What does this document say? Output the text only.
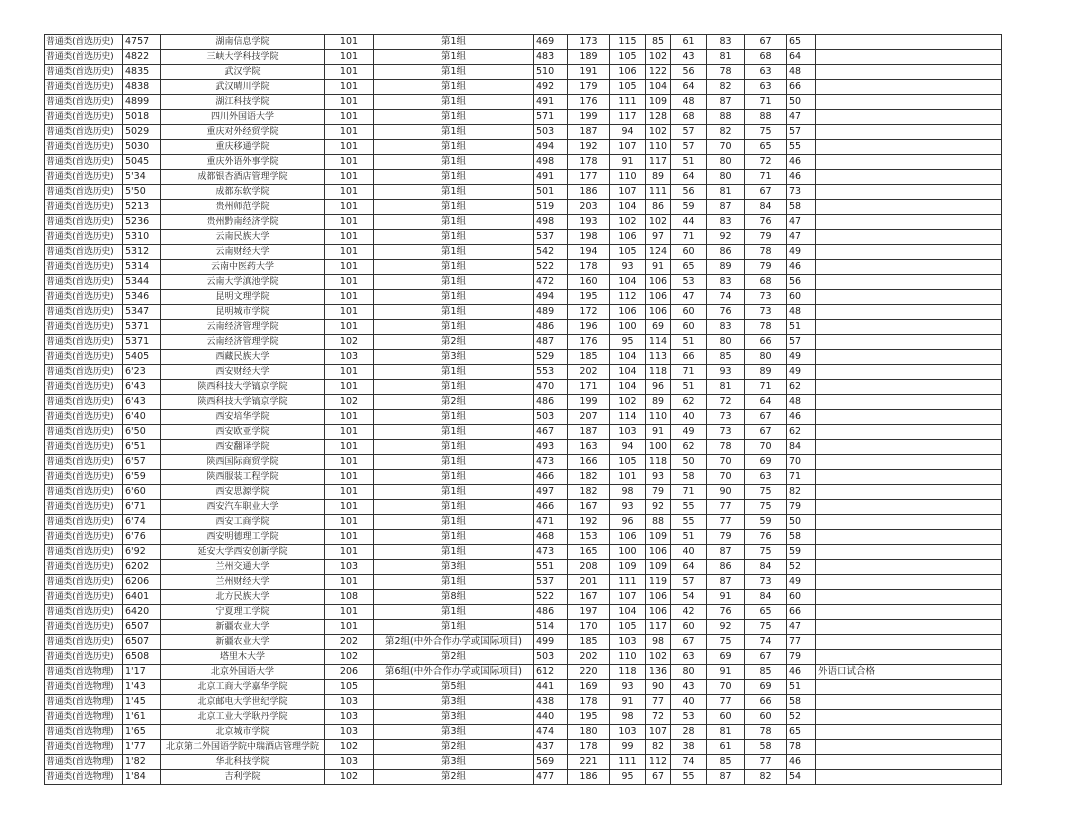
普通类(首选历史)	4757	湖南信息学院	101	第1组	469	173	115	85	61	83	67	65	
普通类(首选历史)	4822	三峡大学科技学院	101	第1组	483	189	105	102	43	81	68	64	
普通类(首选历史)	4835	武汉学院	101	第1组	510	191	106	122	56	78	63	48	
普通类(首选历史)	4838	武汉晴川学院	101	第1组	492	179	105	104	64	82	63	66	
普通类(首选历史)	4899	湖江科技学院	101	第1组	491	176	111	109	48	87	71	50	
普通类(首选历史)	5018	四川外国语大学	101	第1组	571	199	117	128	68	88	88	47	
普通类(首选历史)	5029	重庆对外经贸学院	101	第1组	503	187	94	102	57	82	75	57	
普通类(首选历史)	5030	重庆移通学院	101	第1组	494	192	107	110	57	70	65	55	
普通类(首选历史)	5045	重庆外语外事学院	101	第1组	498	178	91	117	51	80	72	46	
普通类(首选历史)	5'34	成都银杏酒店管理学院	101	第1组	491	177	110	89	64	80	71	46	
普通类(首选历史)	5'50	成都东软学院	101	第1组	501	186	107	111	56	81	67	73	
普通类(首选历史)	5213	贵州师范学院	101	第1组	519	203	104	86	59	87	84	58	
普通类(首选历史)	5236	贵州黔南经济学院	101	第1组	498	193	102	102	44	83	76	47	
普通类(首选历史)	5310	云南民族大学	101	第1组	537	198	106	97	71	92	79	47	
普通类(首选历史)	5312	云南财经大学	101	第1组	542	194	105	124	60	86	78	49	
普通类(首选历史)	5314	云南中医药大学	101	第1组	522	178	93	91	65	89	79	46	
普通类(首选历史)	5344	云南大学滇池学院	101	第1组	472	160	104	106	53	83	68	56	
普通类(首选历史)	5346	昆明文理学院	101	第1组	494	195	112	106	47	74	73	60	
普通类(首选历史)	5347	昆明城市学院	101	第1组	489	172	106	106	60	76	73	48	
普通类(首选历史)	5371	云南经济管理学院	101	第1组	486	196	100	69	60	83	78	51	
普通类(首选历史)	5371	云南经济管理学院	102	第2组	487	176	95	114	51	80	66	57	
普通类(首选历史)	5405	西藏民族大学	103	第3组	529	185	104	113	66	85	80	49	
普通类(首选历史)	6'23	西安财经大学	101	第1组	553	202	104	118	71	93	89	49	
普通类(首选历史)	6'43	陕西科技大学镐京学院	101	第1组	470	171	104	96	51	81	71	62	
普通类(首选历史)	6'43	陕西科技大学镐京学院	102	第2组	486	199	102	89	62	72	64	48	
普通类(首选历史)	6'40	西安培华学院	101	第1组	503	207	114	110	40	73	67	46	
普通类(首选历史)	6'50	西安欧亚学院	101	第1组	467	187	103	91	49	73	67	62	
普通类(首选历史)	6'51	西安翻译学院	101	第1组	493	163	94	100	62	78	70	84	
普通类(首选历史)	6'57	陕西国际商贸学院	101	第1组	473	166	105	118	50	70	69	70	
普通类(首选历史)	6'59	陕西服装工程学院	101	第1组	466	182	101	93	58	70	63	71	
普通类(首选历史)	6'60	西安思源学院	101	第1组	497	182	98	79	71	90	75	82	
普通类(首选历史)	6'71	西安汽车职业大学	101	第1组	466	167	93	92	55	77	75	79	
普通类(首选历史)	6'74	西安工商学院	101	第1组	471	192	96	88	55	77	59	50	
普通类(首选历史)	6'76	西安明德理工学院	101	第1组	468	153	106	109	51	79	76	58	
普通类(首选历史)	6'92	延安大学西安创新学院	101	第1组	473	165	100	106	40	87	75	59	
普通类(首选历史)	6202	兰州交通大学	103	第3组	551	208	109	109	64	86	84	52	
普通类(首选历史)	6206	兰州财经大学	101	第1组	537	201	111	119	57	87	73	49	
普通类(首选历史)	6401	北方民族大学	108	第8组	522	167	107	106	54	91	84	60	
普通类(首选历史)	6420	宁夏理工学院	101	第1组	486	197	104	106	42	76	65	66	
普通类(首选历史)	6507	新疆农业大学	101	第1组	514	170	105	117	60	92	75	47	
普通类(首选历史)	6507	新疆农业大学	202	第2组(中外合作办学或国际项目)	499	185	103	98	67	75	74	77	
普通类(首选历史)	6508	塔里木大学	102	第2组	503	202	110	102	63	69	67	79	
普通类(首选物理)	1'17	北京外国语大学	206	第6组(中外合作办学或国际项目)	612	220	118	136	80	91	85	46	外语口试合格
普通类(首选物理)	1'43	北京工商大学嘉华学院	105	第5组	441	169	93	90	43	70	69	51	
普通类(首选物理)	1'45	北京邮电大学世纪学院	103	第3组	438	178	91	77	40	77	66	58	
普通类(首选物理)	1'61	北京工业大学耿丹学院	103	第3组	440	195	98	72	53	60	60	52	
普通类(首选物理)	1'65	北京城市学院	103	第3组	474	180	103	107	28	81	78	65	
普通类(首选物理)	1'77	北京第二外国语学院中瑞酒店管理学院	102	第2组	437	178	99	82	38	61	58	78	
普通类(首选物理)	1'82	华北科技学院	103	第3组	569	221	111	112	74	85	77	46	
普通类(首选物理)	1'84	吉利学院	102	第2组	477	186	95	67	55	87	82	54	
